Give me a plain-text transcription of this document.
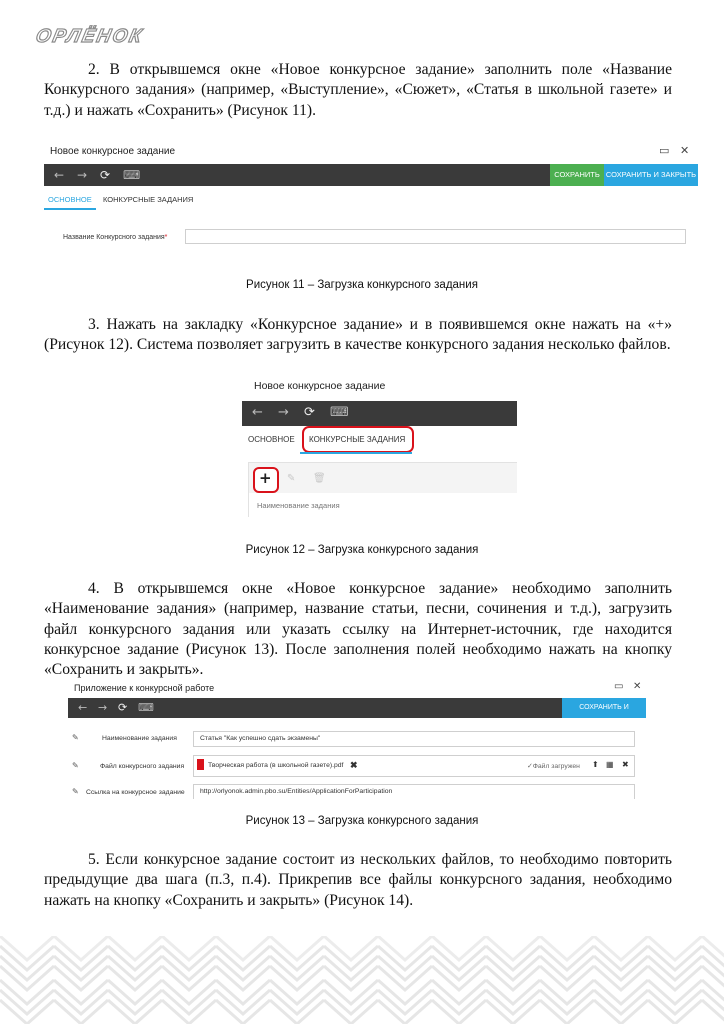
ОРЛЁНОК

2. В открывшемся окне «Новое конкурсное задание» заполнить поле «Название Конкурсного задания» (например, «Выступление», «Сюжет», «Статья в школьной газете» и т.д.) и нажать «Сохранить» (Рисунок 11).

Новое конкурсное задание	▭ ✕
← → ⟳ ⌨	СОХРАНИТЬ СОХРАНИТЬ И ЗАКРЫТЬ
ОСНОВНОЕ КОНКУРСНЫЕ ЗАДАНИЯ
Название Конкурсного задания*
Рисунок 11 – Загрузка конкурсного задания

3. Нажать на закладку «Конкурсное задание» и в появившемся окне нажать на «+» (Рисунок 12). Система позволяет загрузить в качестве конкурсного задания несколько файлов.

Новое конкурсное задание
← → ⟳ ⌨
ОСНОВНОЕ КОНКУРСНЫЕ ЗАДАНИЯ
+ ✎ 🗑
Наименование задания
Рисунок 12 – Загрузка конкурсного задания

4. В открывшемся окне «Новое конкурсное задание» необходимо заполнить «Наименование задания» (например, название статьи, песни, сочинения и т.д.), загрузить файл конкурсного задания или указать ссылку на Интернет-источник, где находится конкурсное задание (Рисунок 13). После заполнения полей необходимо нажать на кнопку «Сохранить и закрыть».

Приложение к конкурсной работе	▭ ✕
← → ⟳ ⌨	СОХРАНИТЬ И ЗАКРЫТЬ
✎	Наименование задания	Статья "Как успешно сдать экзамены"
✎	Файл конкурсного задания	Творческая работа (в школьной газете).pdf ✖	✓Файл загружен ⬆ ▦ ✖
✎ Ссылка на конкурсное задание http://orlyonok.admin.pbo.su/Entities/ApplicationForParticipation
Рисунок 13 – Загрузка конкурсного задания

5. Если конкурсное задание состоит из нескольких файлов, то необходимо повторить предыдущие два шага (п.3, п.4). Прикрепив все файлы конкурсного задания, необходимо нажать на кнопку «Сохранить и закрыть» (Рисунок 14).
